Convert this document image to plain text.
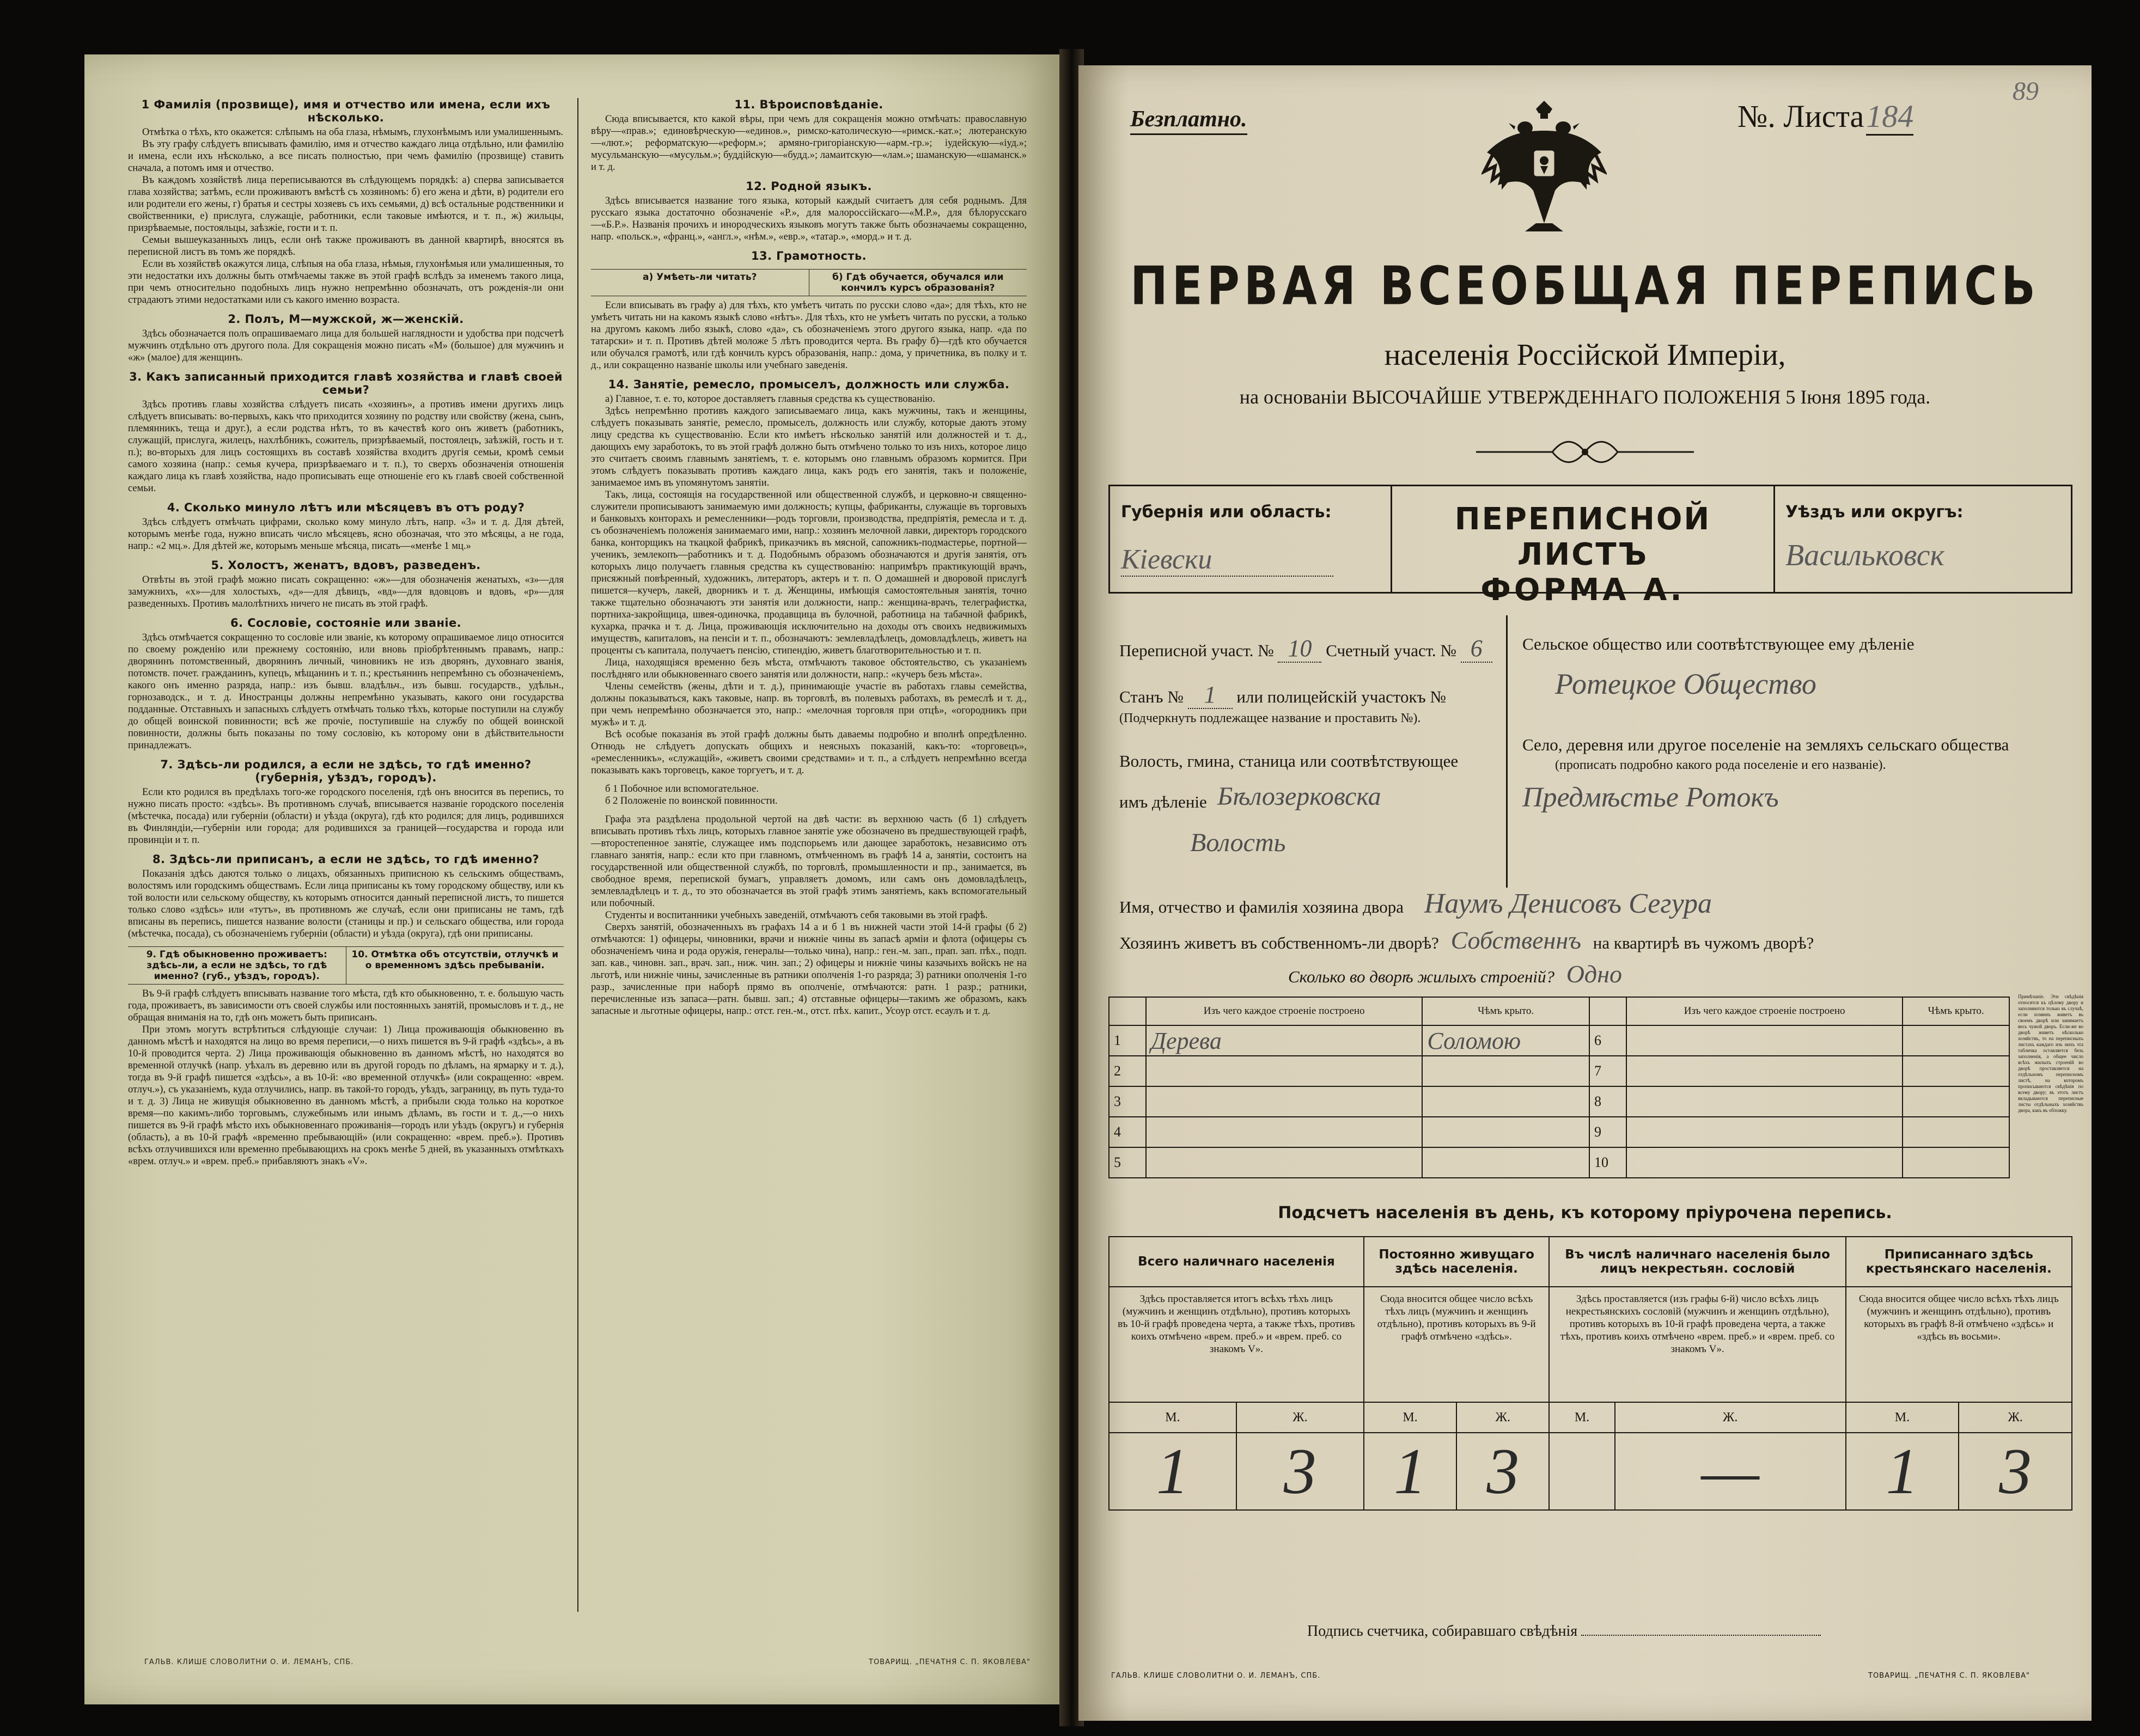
1 Фамилія (прозвище), имя и отчество или имена, если ихъ нѣсколько.

Отмѣтка о тѣхъ, кто окажется: слѣпымъ на оба глаза, нѣмымъ, глухонѣмымъ или умалишеннымъ.

Въ эту графу слѣдуетъ вписывать фамилію, имя и отчество каждаго лица отдѣльно, или фамилію и имена, если ихъ нѣсколько, а все писать полностью, при чемъ фамилію (прозвище) ставить сначала, а потомъ имя и отчество.

Въ каждомъ хозяйствѣ лица переписываются въ слѣдующемъ порядкѣ: а) сперва записывается глава хозяйства; затѣмъ, если проживаютъ вмѣстѣ съ хозяиномъ: б) его жена и дѣти, в) родители его или родители его жены, г) братья и сестры хозяевъ съ ихъ семьями, д) всѣ остальные родственники и свойственники, е) прислуга, служащіе, работники, если таковые имѣются, и т. п., ж) жильцы, призрѣваемые, постояльцы, заѣзжіе, гости и т. п.

Семьи вышеуказанныхъ лицъ, если онѣ также проживаютъ въ данной квартирѣ, вносятся въ переписной листъ въ томъ же порядкѣ.

Если въ хозяйствѣ окажутся лица, слѣпыя на оба глаза, нѣмыя, глухонѣмыя или умалишенныя, то эти недостатки ихъ должны быть отмѣчаемы также въ этой графѣ вслѣдъ за именемъ такого лица, при чемъ относительно подобныхъ лицъ нужно непремѣнно обозначать, отъ рожденія-ли они страдаютъ этими недостатками или съ какого именно возраста.

2. Полъ, М—мужской, ж—женскій.

Здѣсь обозначается полъ опрашиваемаго лица для большей наглядности и удобства при подсчетѣ мужчинъ отдѣльно отъ другого пола. Для сокращенія можно писать «М» (большое) для мужчинъ и «ж» (малое) для женщинъ.

3. Какъ записанный приходится главѣ хозяйства и главѣ своей семьи?

Здѣсь противъ главы хозяйства слѣдуетъ писать «хозяинъ», а противъ имени другихъ лицъ слѣдуетъ вписывать: во-первыхъ, какъ что приходится хозяину по родству или свойству (жена, сынъ, племянникъ, теща и друг.), а если родства нѣтъ, то въ качествѣ кого онъ живетъ (работникъ, служащій, прислуга, жилецъ, нахлѣбникъ, сожитель, призрѣваемый, постоялецъ, заѣзжій, гость и т. п.); во-вторыхъ для лицъ состоящихъ въ составѣ хозяйства входитъ другія семьи, кромѣ семьи самого хозяина (напр.: семья кучера, призрѣваемаго и т. п.), то сверхъ обозначенія отношенія каждаго лица къ главѣ хозяйства, надо прописывать еще отношеніе его къ главѣ своей собственной семьи.

4. Сколько минуло лѣтъ или мѣсяцевъ въ отъ роду?

Здѣсь слѣдуетъ отмѣчать цифрами, сколько кому минуло лѣтъ, напр. «3» и т. д. Для дѣтей, которымъ менѣе года, нужно вписать число мѣсяцевъ, ясно обозначая, что это мѣсяцы, а не года, напр.: «2 мц.». Для дѣтей же, которымъ меньше мѣсяца, писать—«менѣе 1 мц.»

5. Холостъ, женатъ, вдовъ, разведенъ.

Отвѣты въ этой графѣ можно писать сокращенно: «ж»—для обозначенія женатыхъ, «з»—для замужнихъ, «х»—для холостыхъ, «д»—для дѣвицъ, «вд»—для вдовцовъ и вдовъ, «р»—для разведенныхъ. Противъ малолѣтнихъ ничего не писать въ этой графѣ.

6. Сословіе, состояніе или званіе.

Здѣсь отмѣчается сокращенно то сословіе или званіе, къ которому опрашиваемое лицо относится по своему рожденію или прежнему состоянію, или вновь пріобрѣтеннымъ правамъ, напр.: дворянинъ потомственный, дворянинъ личный, чиновникъ не изъ дворянъ, духовнаго званія, потомств. почет. гражданинъ, купецъ, мѣщанинъ и т. п.; крестьянинъ непремѣнно съ обозначеніемъ, какого онъ именно разряда, напр.: изъ бывш. владѣльч., изъ бывш. государств., удѣльн., горнозаводск., и т. д. Иностранцы должны непремѣнно указывать, какого они государства подданные. Отставныхъ и запасныхъ слѣдуетъ отмѣчать только тѣхъ, которые поступили на службу до общей воинской повинности; всѣ же прочіе, поступившіе на службу по общей воинской повинности, должны быть показаны по тому сословію, къ которому они в дѣйствительности принадлежатъ.

7. Здѣсь-ли родился, а если не здѣсь, то гдѣ именно? (губернія, уѣздъ, городъ).

Если кто родился въ предѣлахъ того-же городского поселенія, гдѣ онъ вносится въ перепись, то нужно писать просто: «здѣсь». Въ противномъ случаѣ, вписывается названіе городского поселенія (мѣстечка, посада) или губерніи (области) и уѣзда (округа), гдѣ кто родился; для лицъ, родившихся въ Финляндіи,—губерніи или города; для родившихся за границей—государства и города или провинціи и т. п.

8. Здѣсь-ли приписанъ, а если не здѣсь, то гдѣ именно?

Показанія здѣсь даются только о лицахъ, обязанныхъ приписною къ сельскимъ обществамъ, волостямъ или городскимъ обществамъ. Если лица приписаны къ тому городскому обществу, или къ той волости или сельскому обществу, къ которымъ относится данный переписной листъ, то пишется только слово «здѣсь» или «тутъ», въ противномъ же случаѣ, если они приписаны не тамъ, гдѣ вписаны въ перепись, пишется название волости (станицы и пр.) и сельскаго общества, или города (мѣстечка, посада), съ обозначеніемъ губерніи (области) и уѣзда (округа), гдѣ они приписаны.

9. Гдѣ обыкновенно проживаетъ: здѣсь-ли, а если не здѣсь, то гдѣ именно? (губ., уѣздъ, городъ).
10. Отмѣтка объ отсутствіи, отлучкѣ и о временномъ здѣсь пребываніи.

Въ 9-й графѣ слѣдуетъ вписывать название того мѣста, гдѣ кто обыкновенно, т. е. большую часть года, проживаетъ, въ зависимости отъ своей службы или постоянныхъ занятій, промысловъ и т. д., не обращая вниманія на то, гдѣ онъ можетъ быть приписанъ.

При этомъ могутъ встрѣтиться слѣдующіе случаи: 1) Лица проживающія обыкновенно въ данномъ мѣстѣ и находятся на лицо во время переписи,—о нихъ пишется въ 9-й графѣ «здѣсь», а въ 10-й проводится черта. 2) Лица проживающія обыкновенно въ данномъ мѣстѣ, но находятся во временной отлучкѣ (напр. уѣхалъ въ деревню или въ другой городъ по дѣламъ, на ярмарку и т. д.), тогда въ 9-й графѣ пишется «здѣсь», а въ 10-й: «во временной отлучкѣ» (или сокращенно: «врем. отлуч.»), съ указаніемъ, куда отлучились, напр. въ такой-то городъ, уѣздъ, заграницу, въ путь туда-то и т. д. 3) Лица не живущія обыкновенно въ данномъ мѣстѣ, а прибыли сюда только на короткое время—по какимъ-либо торговымъ, служебнымъ или инымъ дѣламъ, въ гости и т. д.,—о нихъ пишется въ 9-й графѣ мѣсто ихъ обыкновеннаго проживанія—городъ или уѣздъ (округъ) и губернія (область), а въ 10-й графѣ «временно пребывающій» (или сокращенно: «врем. преб.»). Противъ всѣхъ отлучившихся или временно пребывающихъ на срокъ менѣе 5 дней, въ указанныхъ отмѣткахъ «врем. отлуч.» и «врем. преб.» прибавляютъ знакъ «V».

11. Вѣроисповѣданіе.

Сюда вписывается, кто какой вѣры, при чемъ для сокращенія можно отмѣчать: православную вѣру—«прав.»; единовѣрческую—«единов.», римско-католическую—«римск.-кат.»; лютеранскую—«лют.»; реформатскую—«реформ.»; армяно-григоріанскую—«арм.-гр.»; іудейскую—«іуд.»; мусульманскую—«мусульм.»; буддійскую—«будд.»; ламаитскую—«лам.»; шаманскую—«шаманск.» и т. д.

12. Родной языкъ.

Здѣсь вписывается название того языка, который каждый считаетъ для себя роднымъ. Для русскаго языка достаточно обозначеніе «Р.», для малороссійскаго—«М.Р.», для бѣлорусскаго—«Б.Р.». Названія прочихъ и инородческихъ языковъ могутъ также быть обозначаемы сокращенно, напр. «польск.», «франц.», «англ.», «нѣм.», «евр.», «татар.», «морд.» и т. д.

13. Грамотность.
а) Умѣеть-ли читать?	б) Гдѣ обучается, обучался или кончилъ курсъ образованія?

Если вписывать въ графу а) для тѣхъ, кто умѣетъ читать по русски слово «да»; для тѣхъ, кто не умѣетъ читать ни на какомъ языкѣ слово «нѣтъ». Для тѣхъ, кто не умѣетъ читать по русски, а только на другомъ какомъ либо языкѣ, слово «да», съ обозначеніемъ этого другого языка, напр. «да по татарски» и т. п. Противъ дѣтей моложе 5 лѣтъ проводится черта. Въ графу б)—гдѣ кто обучается или обучался грамотѣ, или гдѣ кончилъ курсъ образованія, напр.: дома, у причетника, въ полку и т. д., или сокращенно названіе школы или учебнаго заведенія.

14. Занятіе, ремесло, промыселъ, должность или служба.

а) Главное, т. е. то, которое доставляетъ главныя средства къ существованію.

Здѣсь непремѣнно противъ каждого записываемаго лица, какъ мужчины, такъ и женщины, слѣдуетъ показывать занятіе, ремесло, промыселъ, должность или службу, которые даютъ этому лицу средства къ существованію. Если кто имѣетъ нѣсколько занятій или должностей и т. д., дающихъ ему заработокъ, то въ этой графѣ должно быть отмѣчено только то изъ нихъ, которое лицо это считаетъ своимъ главнымъ занятіемъ, т. е. которымъ оно главнымъ образомъ кормится. При этомъ слѣдуетъ показывать противъ каждаго лица, какъ родъ его занятія, такъ и положеніе, занимаемое имъ въ упомянутомъ занятіи.

Такъ, лица, состоящія на государственной или общественной службѣ, и церковно-и священно-служители прописываютъ занимаемую ими должность; купцы, фабриканты, служащіе въ торговыхъ и банковыхъ конторахъ и ремесленники—родъ торговли, производства, предпріятія, ремесла и т. д. съ обозначеніемъ положенія занимаемаго ими, напр.: хозяинъ мелочной лавки, директоръ городского банка, конторщикъ на ткацкой фабрикѣ, приказчикъ въ мясной, сапожникъ-подмастерье, портной—ученикъ, землекопъ—работникъ и т. д. Подобнымъ образомъ обозначаются и другія занятія, отъ которыхъ лицо получаетъ главныя средства къ существованію: напримѣръ практикующій врачъ, присяжный повѣренный, художникъ, литераторъ, актеръ и т. п. О домашней и дворовой прислугѣ пишется—кучеръ, лакей, дворникъ и т. д. Женщины, имѣющія самостоятельныя занятія, точно также тщательно обозначаютъ эти занятія или должности, напр.: женщина-врачъ, телеграфистка, портниха-закройщица, швея-одиночка, продавщица въ булочной, работница на табачной фабрикѣ, кухарка, прачка и т. д. Лица, проживающія исключительно на доходы отъ своихъ недвижимыхъ имуществъ, капиталовъ, на пенсіи и т. п., обозначаютъ: землевладѣлецъ, домовладѣлецъ, живетъ на проценты съ капитала, получаетъ пенсію, стипендію, живетъ благотворительностью и т. п.

Лица, находящіяся временно безъ мѣста, отмѣчаютъ таковое обстоятельство, съ указаніемъ послѣдняго или обыкновеннаго своего занятія или должности, напр.: «кучеръ безъ мѣста».

Члены семействъ (жены, дѣти и т. д.), принимающіе участіе въ работахъ главы семейства, должны показываться, какъ таковые, напр. въ торговлѣ, въ полевыхъ работахъ, въ ремеслѣ и т. д., при чемъ непремѣнно обозначается это, напр.: «мелочная торговля при отцѣ», «огородникъ при мужѣ» и т. д.

Всѣ особые показанія въ этой графѣ должны быть даваемы подробно и вполнѣ опредѣленно. Отнюдь не слѣдуетъ допускать общихъ и неясныхъ показаній, какъ-то: «торговецъ», «ремесленникъ», «служащій», «живетъ своими средствами» и т. п., а слѣдуетъ непремѣнно всегда показывать какъ торговецъ, какое торгуетъ, и т. д.

б 1 Побочное или вспомогательное.

б 2 Положеніе по воинской повинности.

Графа эта раздѣлена продольной чертой на двѣ части: въ верхнюю часть (б 1) слѣдуетъ вписывать противъ тѣхъ лицъ, которыхъ главное занятіе уже обозначено въ предшествующей графѣ,—второстепенное занятіе, служащее имъ подспорьемъ или дающее заработокъ, независимо отъ главнаго занятія, напр.: если кто при главномъ, отмѣченномъ въ графѣ 14 а, занятіи, состоитъ на государственной или общественной службѣ, по торговлѣ, промышленности и пр., занимается, въ свободное время, перепиской бумагъ, управляетъ домомъ, или самъ онъ домовладѣлецъ, землевладѣлецъ и т. д., то это обозначается въ этой графѣ этимъ занятіемъ, какъ вспомогательный или побочный.

Студенты и воспитанники учебныхъ заведеній, отмѣчаютъ себя таковыми въ этой графѣ.

Сверхъ занятій, обозначенныхъ въ графахъ 14 а и б 1 въ нижней части этой 14-й графы (б 2) отмѣчаются: 1) офицеры, чиновники, врачи и нижніе чины въ запасѣ арміи и флота (офицеры съ обозначеніемъ чина и рода оружія, генералы—только чина), напр.: ген.-м. зап., прап. зап. пѣх., подп. зап. кав., чиновн. зап., врач. зап., ниж. чин. зап.; 2) офицеры и нижніе чины казачьихъ войскъ не на льготѣ, или нижніе чины, зачисленные въ ратники ополченія 1-го разряда; 3) ратники ополченія 1-го разр., зачисленные при наборѣ прямо въ ополченіе, отмѣчаются: ратн. 1 разр.; ратники, перечисленные изъ запаса—ратн. бывш. зап.; 4) отставные офицеры—такимъ же образомъ, какъ запасные и льготные офицеры, напр.: отст. ген.-м., отст. пѣх. капит., Усоур отст. есаулъ и т. д.

ГАЛЬВ. КЛИШЕ СЛОВОЛИТНИ О. И. ЛЕМАНЪ, СПБ.	ТОВАРИЩ. „ПЕЧАТНЯ С. П. ЯКОВЛЕВА"
Безплатно.	№. Листа184
89
ПЕРВАЯ ВСЕОБЩАЯ ПЕРЕПИСЬ
населенія Россійской Имперіи,
на основаніи ВЫСОЧАЙШЕ УТВЕРЖДЕННАГО ПОЛОЖЕНІЯ 5 Іюня 1895 года.
Губернія или область:
Кіевски
ПЕРЕПИСНОЙ ЛИСТЪ
ФОРМА А.
Уѣздъ или округъ:
Васильковск
Переписной участ. № 10 Счетный участ. № 6
Станъ № 1 или полицейскій участокъ №
(Подчеркнуть подлежащее название и проставить №).
Волость, гмина, станица или соотвѣтствующее
имъ дѣленіе Бѣлозерковска
Волость
Сельское общество или соотвѣтствующее ему дѣленіе
Ротецкое Общество
Село, деревня или другое поселеніе на земляхъ сельскаго общества
(прописать подробно какого рода поселеніе и его названіе).
Предмѣстье Ротокъ
Имя, отчество и фамилія хозяина двора Наумъ Денисовъ Сегура
Хозяинъ живетъ въ собственномъ-ли дворѣ? Собственнъ на квартирѣ въ чужомъ дворѣ?
Сколько во дворѣ жилыхъ строеній? Одно
	Изъ чего каждое строеніе построено	Чѣмъ крыто.		Изъ чего каждое строеніе построено	Чѣмъ крыто.
1	Дерева	Соломою	6		
2			7		
3			8		
4			9		
5			10		
Подсчетъ населенія въ день, къ которому пріурочена перепись.
Всего наличнаго населенія		Постоянно живущаго здѣсь населенія.		Въ числѣ наличнаго населенія было лицъ некрестьян. сословій		Приписаннаго здѣсь крестьянскаго населенія.	
Здѣсь проставляется итогъ всѣхъ тѣхъ лицъ (мужчинъ и женщинъ отдѣльно), противъ которыхъ въ 10-й графѣ проведена черта, а также тѣхъ, противъ коихъ отмѣчено «врем. преб.» и «врем. преб. со знакомъ V».		Сюда вносится общее число всѣхъ тѣхъ лицъ (мужчинъ и женщинъ отдѣльно), противъ которыхъ въ 9-й графѣ отмѣчено «здѣсь».		Здѣсь проставляется (изъ графы 6-й) число всѣхъ лицъ некрестьянскихъ сословій (мужчинъ и женщинъ отдѣльно), противъ которыхъ въ 10-й графѣ проведена черта, а также тѣхъ, противъ коихъ отмѣчено «врем. преб.» и «врем. преб. со знакомъ V».		Сюда вносится общее число всѣхъ тѣхъ лицъ (мужчинъ и женщинъ отдѣльно), противъ которыхъ въ графѣ 8-й отмѣчено «здѣсь» и «здѣсь въ восьми».	
М.	Ж.	М.	Ж.	М.	Ж.	М.	Ж.
1	3	1	3		—	1	3
Подпись счетчика, собиравшаго свѣдѣнія
ГАЛЬВ. КЛИШЕ СЛОВОЛИТНИ О. И. ЛЕМАНЪ, СПБ.	ТОВАРИЩ. „ПЕЧАТНЯ С. П. ЯКОВЛЕВА"
Примѣчаніе. Эти свѣдѣнія относятся къ цѣлому двору и заполняются только въ случаѣ, если хозяинъ живетъ въ своемъ дворѣ или занимаетъ весь чужой дворъ. Если-же во дворѣ живетъ нѣсколько хозяйствъ, то на переписныхъ листахъ каждаго изъ нихъ эта табличка оставляется безъ заполненія, а общее число всѣхъ жилыхъ строеній во дворѣ проставляется на отдѣльномъ переписномъ листѣ, на которомъ прописываются свѣдѣнія по всему двору; въ этотъ листъ вкладываются переписные листы отдѣльныхъ хозяйствъ двора, какъ въ обложку.
